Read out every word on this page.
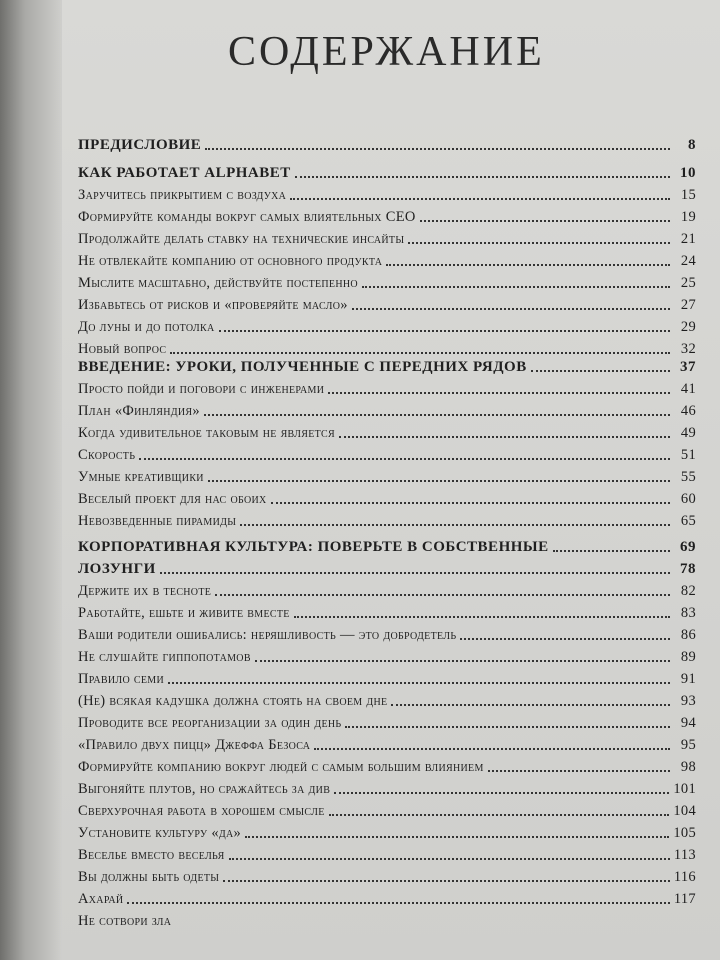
СОДЕРЖАНИЕ
ПРЕДИСЛОВИЕ	8
КАК РАБОТАЕТ ALPHABET	10
Заручитесь прикрытием с воздуха	15
Формируйте команды вокруг самых влиятельных CEO	19
Продолжайте делать ставку на технические инсайты	21
Не отвлекайте компанию от основного продукта	24
Мыслите масштабно, действуйте постепенно	25
Избавьтесь от рисков и «проверяйте масло»	27
До луны и до потолка	29
Новый вопрос	32
ВВЕДЕНИЕ: УРОКИ, ПОЛУЧЕННЫЕ С ПЕРЕДНИХ РЯДОВ	37
Просто пойди и поговори с инженерами	41
План «Финляндия»	46
Когда удивительное таковым не является	49
Скорость	51
Умные креативщики	55
Веселый проект для нас обоих	60
Невозведенные пирамиды	65
КОРПОРАТИВНАЯ КУЛЬТУРА: ПОВЕРЬТЕ В СОБСТВЕННЫЕ	69
ЛОЗУНГИ	78
Держите их в тесноте	82
Работайте, ешьте и живите вместе	83
Ваши родители ошибались: неряшливость — это добродетель	86
Не слушайте гиппопотамов	89
Правило семи	91
(Не) всякая кадушка должна стоять на своем дне	93
Проводите все реорганизации за один день	94
«Правило двух пицц» Джеффа Безоса	95
Формируйте компанию вокруг людей с самым большим влиянием	98
Выгоняйте плутов, но сражайтесь за див	101
Сверхурочная работа в хорошем смысле	104
Установите культуру «да»	105
Веселье вместо веселья	113
Вы должны быть одеты	116
Ахарай	117
Не сотвори зла
